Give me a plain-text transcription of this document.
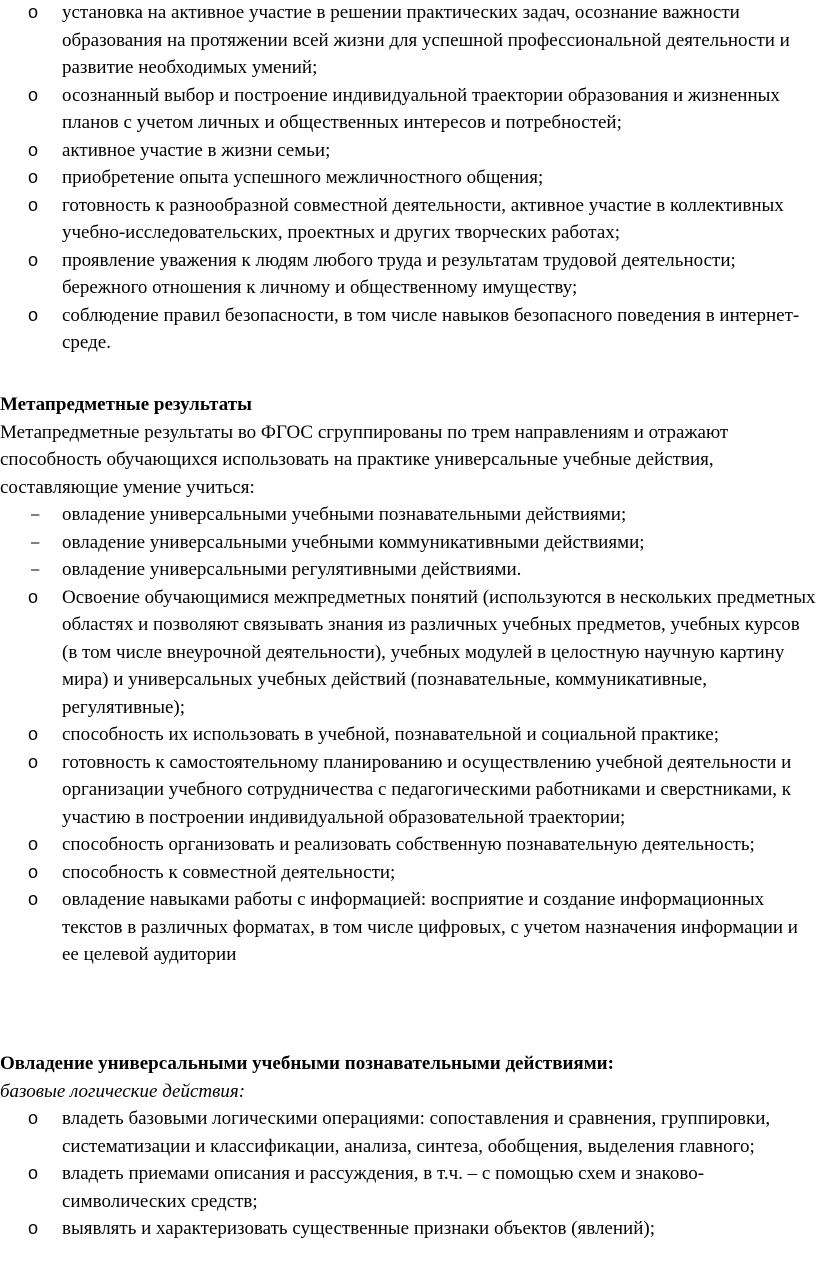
o	установка на активное участие в решении практических задач, осознание важности образования на протяжении всей жизни для успешной профессиональной деятельности и развитие необходимых умений;
o	осознанный выбор и построение индивидуальной траектории образования и жизненных планов с учетом личных и общественных интересов и потребностей;
o	активное участие в жизни семьи;
o	приобретение опыта успешного межличностного общения;
o	готовность к разнообразной совместной деятельности, активное участие в коллективных учебно-исследовательских, проектных и других творческих работах;
o	проявление уважения к людям любого труда и результатам трудовой деятельности; бережного отношения к личному и общественному имуществу;
o	соблюдение правил безопасности, в том числе навыков безопасного поведения в интернет-среде.

Метапредметные результаты

Метапредметные результаты во ФГОС сгруппированы по трем направлениям и отражают способность обучающихся использовать на практике универсальные учебные действия, составляющие умение учиться:

–	овладение универсальными учебными познавательными действиями;
–	овладение универсальными учебными коммуникативными действиями;
–	овладение универсальными регулятивными действиями.
o	Освоение обучающимися межпредметных понятий (используются в нескольких предметных областях и позволяют связывать знания из различных учебных предметов, учебных курсов (в том числе внеурочной деятельности), учебных модулей в целостную научную картину мира) и универсальных учебных действий (познавательные, коммуникативные, регулятивные);
o	способность их использовать в учебной, познавательной и социальной практике;
o	готовность к самостоятельному планированию и осуществлению учебной деятельности и организации учебного сотрудничества с педагогическими работниками и сверстниками, к участию в построении индивидуальной образовательной траектории;
o	способность организовать и реализовать собственную познавательную деятельность;
o	способность к совместной деятельности;
o	овладение навыками работы с информацией: восприятие и создание информационных текстов в различных форматах, в том числе цифровых, с учетом назначения информации и ее целевой аудитории

Овладение универсальными учебными познавательными действиями:

базовые логические действия:

o	владеть базовыми логическими операциями: сопоставления и сравнения, группировки, систематизации и классификации, анализа, синтеза, обобщения, выделения главного;
o	владеть приемами описания и рассуждения, в т.ч. – с помощью схем и знаково-символических средств;
o	выявлять и характеризовать существенные признаки объектов (явлений);
